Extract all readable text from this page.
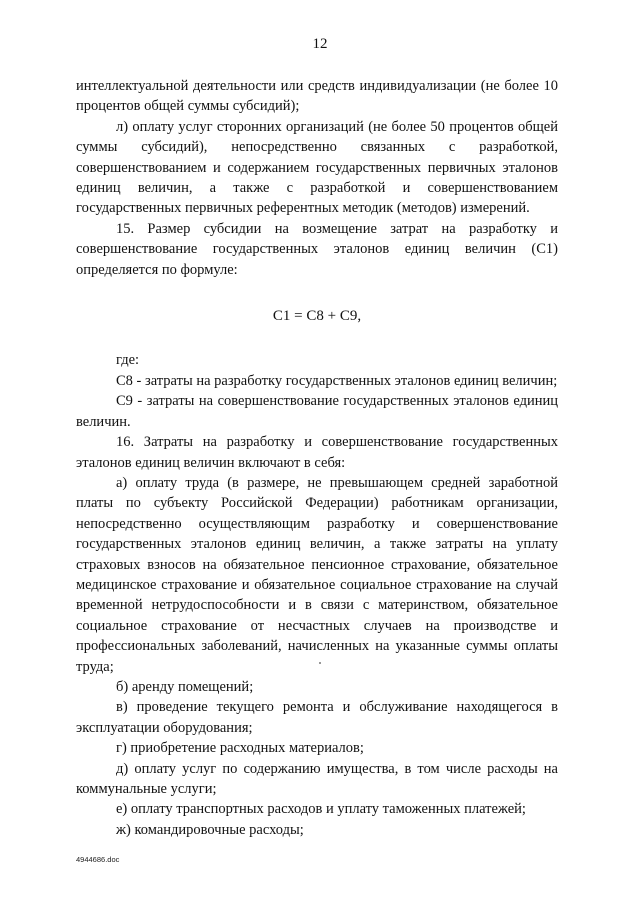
12

интеллектуальной деятельности или средств индивидуализации (не более 10 процентов общей суммы субсидий);

л) оплату услуг сторонних организаций (не более 50 процентов общей суммы субсидий), непосредственно связанных с разработкой, совершенствованием и содержанием государственных первичных эталонов единиц величин, а также с разработкой и совершенствованием государственных первичных референтных методик (методов) измерений.

15. Размер субсидии на возмещение затрат на разработку и совершенствование государственных эталонов единиц величин (С1) определяется по формуле:

С1 = С8 + С9,

где:

С8 - затраты на разработку государственных эталонов единиц величин;

С9 - затраты на совершенствование государственных эталонов единиц величин.

16. Затраты на разработку и совершенствование государственных эталонов единиц величин включают в себя:

а) оплату труда (в размере, не превышающем средней заработной платы по субъекту Российской Федерации) работникам организации, непосредственно осуществляющим разработку и совершенствование государственных эталонов единиц величин, а также затраты на уплату страховых взносов на обязательное пенсионное страхование, обязательное медицинское страхование и обязательное социальное страхование на случай временной нетрудоспособности и в связи с материнством, обязательное социальное страхование от несчастных случаев на производстве и профессиональных заболеваний, начисленных на указанные суммы оплаты труда;

б) аренду помещений;

в) проведение текущего ремонта и обслуживание находящегося в эксплуатации оборудования;

г) приобретение расходных материалов;

д) оплату услуг по содержанию имущества, в том числе расходы на коммунальные услуги;

е) оплату транспортных расходов и уплату таможенных платежей;

ж) командировочные расходы;

4944686.doc
